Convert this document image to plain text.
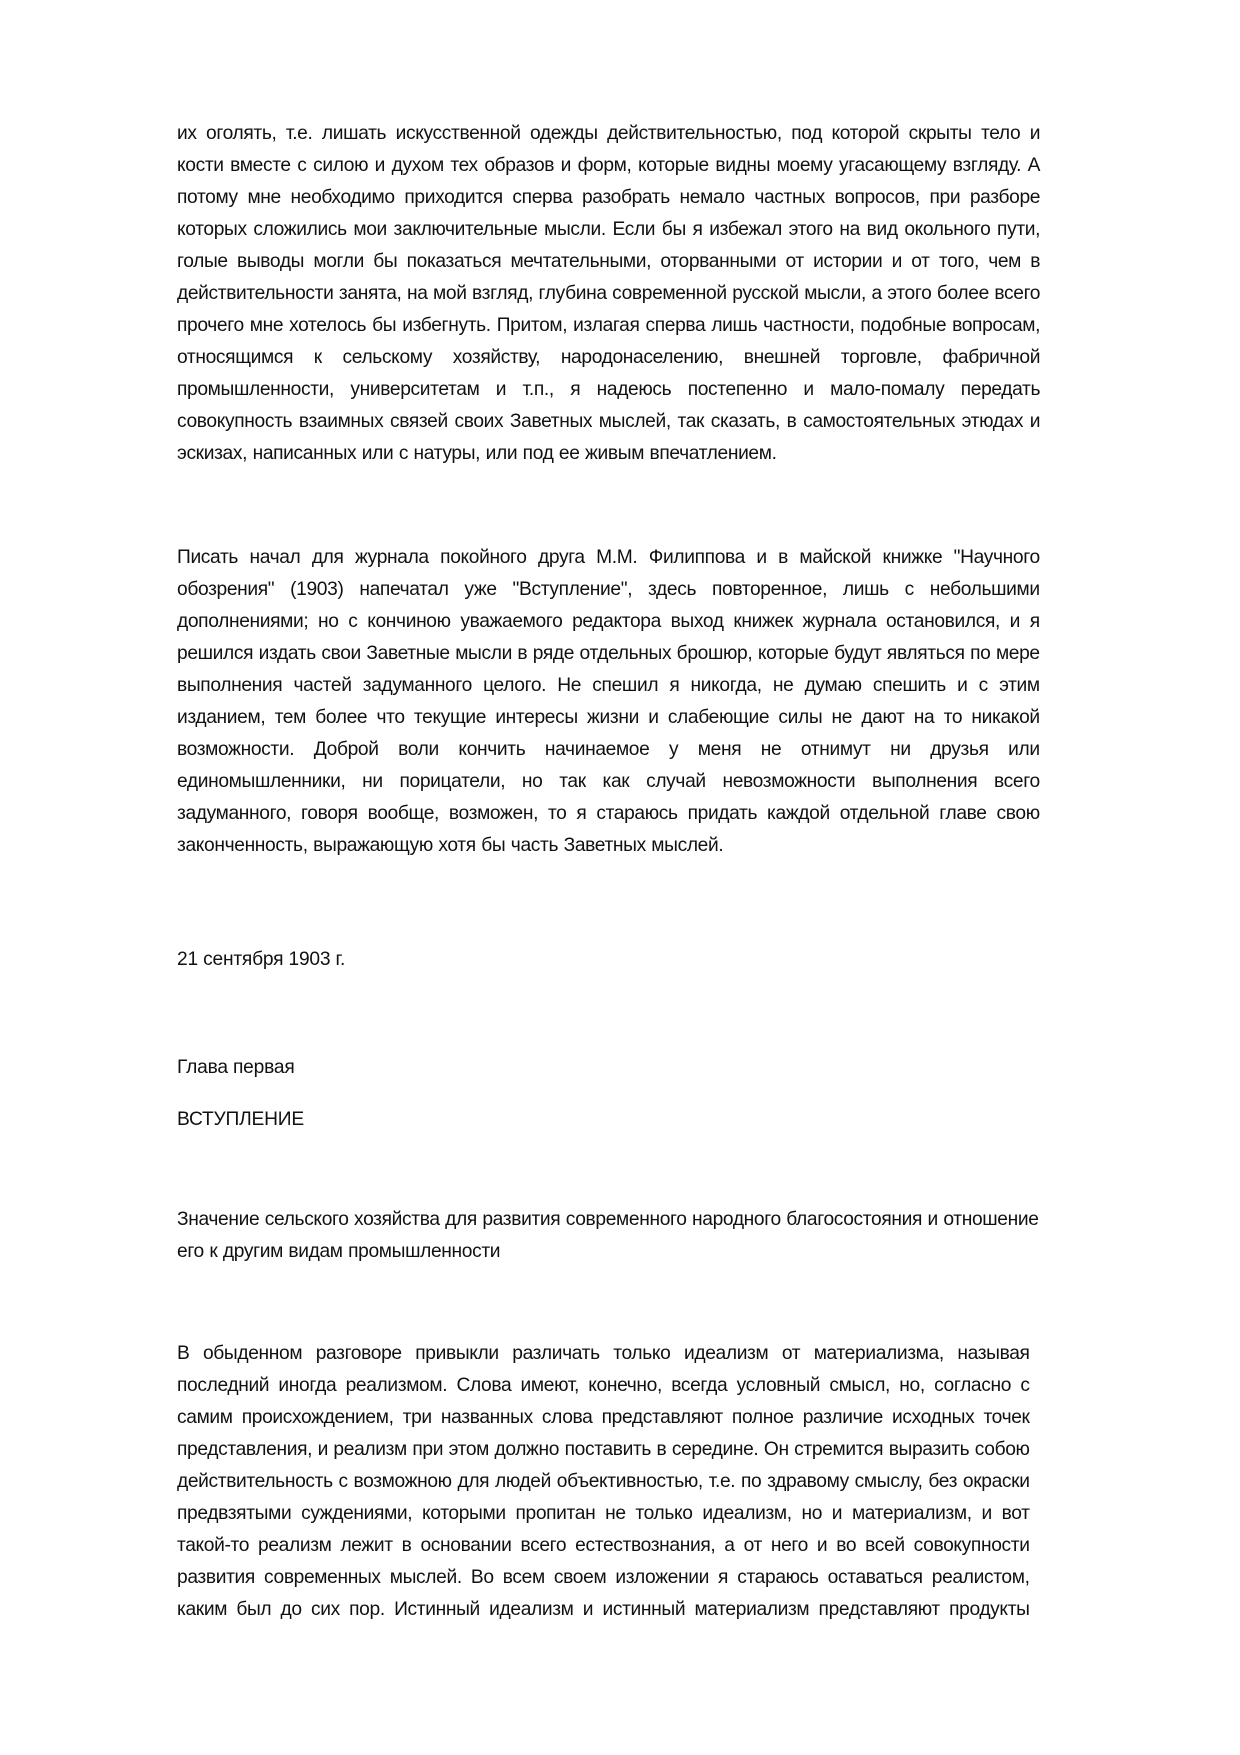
их оголять, т.е. лишать искусственной одежды действительностью, под которой скрыты тело и
кости вместе с силою и духом тех образов и форм, которые видны моему угасающему взгляду. А
потому мне необходимо приходится сперва разобрать немало частных вопросов, при разборе
которых сложились мои заключительные мысли. Если бы я избежал этого на вид окольного пути,
голые выводы могли бы показаться мечтательными, оторванными от истории и от того, чем в
действительности занята, на мой взгляд, глубина современной русской мысли, а этого более всего
прочего мне хотелось бы избегнуть. Притом, излагая сперва лишь частности, подобные вопросам,
относящимся к сельскому хозяйству, народонаселению, внешней торговле, фабричной
промышленности, университетам и т.п., я надеюсь постепенно и мало-помалу передать
совокупность взаимных связей своих Заветных мыслей, так сказать, в самостоятельных этюдах и
эскизах, написанных или с натуры, или под ее живым впечатлением.
Писать начал для журнала покойного друга М.М. Филиппова и в майской книжке "Научного
обозрения" (1903) напечатал уже "Вступление", здесь повторенное, лишь с небольшими
дополнениями; но с кончиною уважаемого редактора выход книжек журнала остановился, и я
решился издать свои Заветные мысли в ряде отдельных брошюр, которые будут являться по мере
выполнения частей задуманного целого. Не спешил я никогда, не думаю спешить и с этим
изданием, тем более что текущие интересы жизни и слабеющие силы не дают на то никакой
возможности. Доброй воли кончить начинаемое у меня не отнимут ни друзья или
единомышленники, ни порицатели, но так как случай невозможности выполнения всего
задуманного, говоря вообще, возможен, то я стараюсь придать каждой отдельной главе свою
законченность, выражающую хотя бы часть Заветных мыслей.

21 сентября 1903 г.

Глава первая

ВСТУПЛЕНИЕ

Значение сельского хозяйства для развития современного народного благосостояния и отношение
его к другим видам промышленности
В обыденном разговоре привыкли различать только идеализм от материализма, называя
последний иногда реализмом. Слова имеют, конечно, всегда условный смысл, но, согласно с
самим происхождением, три названных слова представляют полное различие исходных точек
представления, и реализм при этом должно поставить в середине. Он стремится выразить собою
действительность с возможною для людей объективностью, т.е. по здравому смыслу, без окраски
предвзятыми суждениями, которыми пропитан не только идеализм, но и материализм, и вот
такой-то реализм лежит в основании всего естествознания, а от него и во всей совокупности
развития современных мыслей. Во всем своем изложении я стараюсь оставаться реалистом,
каким был до сих пор. Истинный идеализм и истинный материализм представляют продукты
